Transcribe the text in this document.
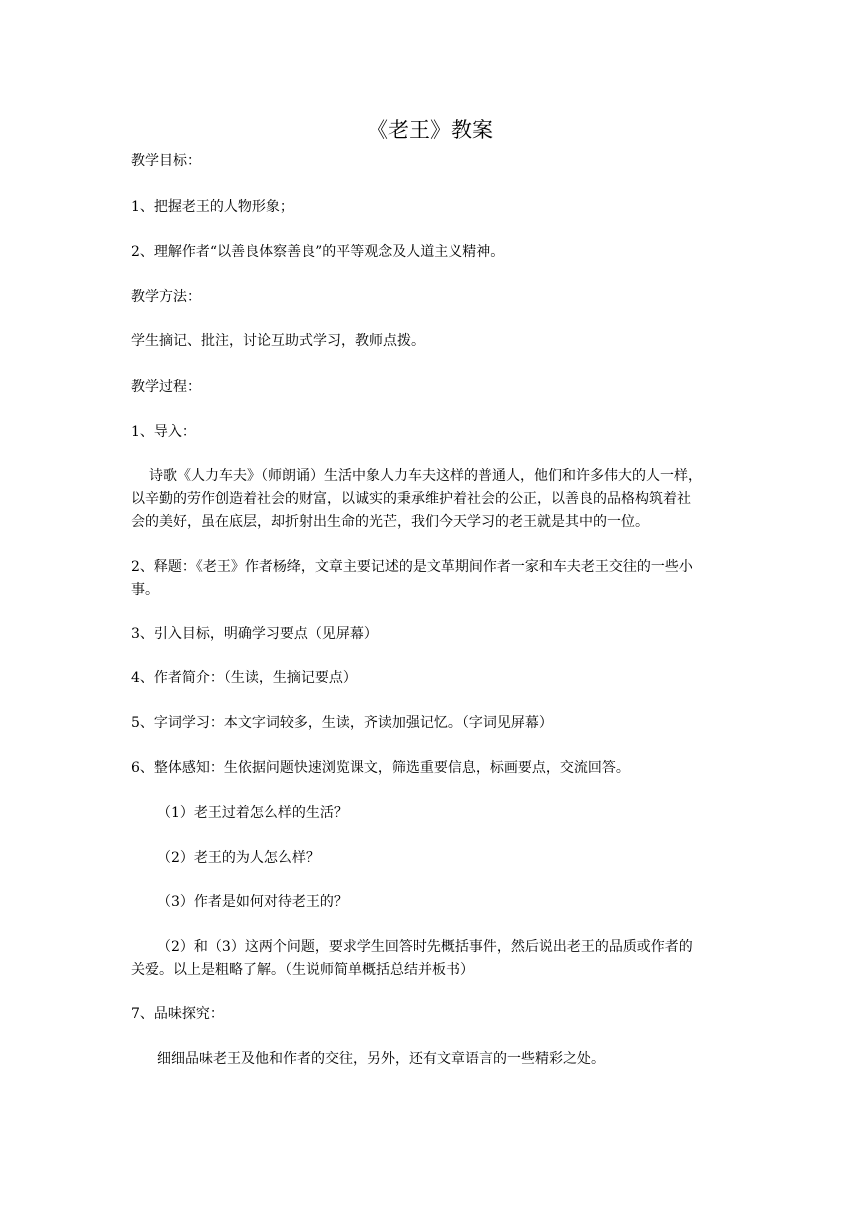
《老王》教案
教学目标：
1、把握老王的人物形象；
2、理解作者“以善良体察善良”的平等观念及人道主义精神。
教学方法：
学生摘记、批注，讨论互助式学习，教师点拨。
教学过程：
1、导入：
诗歌《人力车夫》（师朗诵）生活中象人力车夫这样的普通人，他们和许多伟大的人一样，
以辛勤的劳作创造着社会的财富，以诚实的秉承维护着社会的公正，以善良的品格构筑着社
会的美好，虽在底层，却折射出生命的光芒，我们今天学习的老王就是其中的一位。
2、释题：《老王》作者杨绛，文章主要记述的是文革期间作者一家和车夫老王交往的一些小
事。
3、引入目标，明确学习要点（见屏幕）
4、作者简介：（生读，生摘记要点）
5、字词学习：本文字词较多，生读，齐读加强记忆。（字词见屏幕）
6、整体感知：生依据问题快速浏览课文，筛选重要信息，标画要点，交流回答。
（1）老王过着怎么样的生活？
（2）老王的为人怎么样？
（3）作者是如何对待老王的？
（2）和（3）这两个问题，要求学生回答时先概括事件，然后说出老王的品质或作者的
关爱。以上是粗略了解。（生说师简单概括总结并板书）
7、品味探究：
细细品味老王及他和作者的交往，另外，还有文章语言的一些精彩之处。
